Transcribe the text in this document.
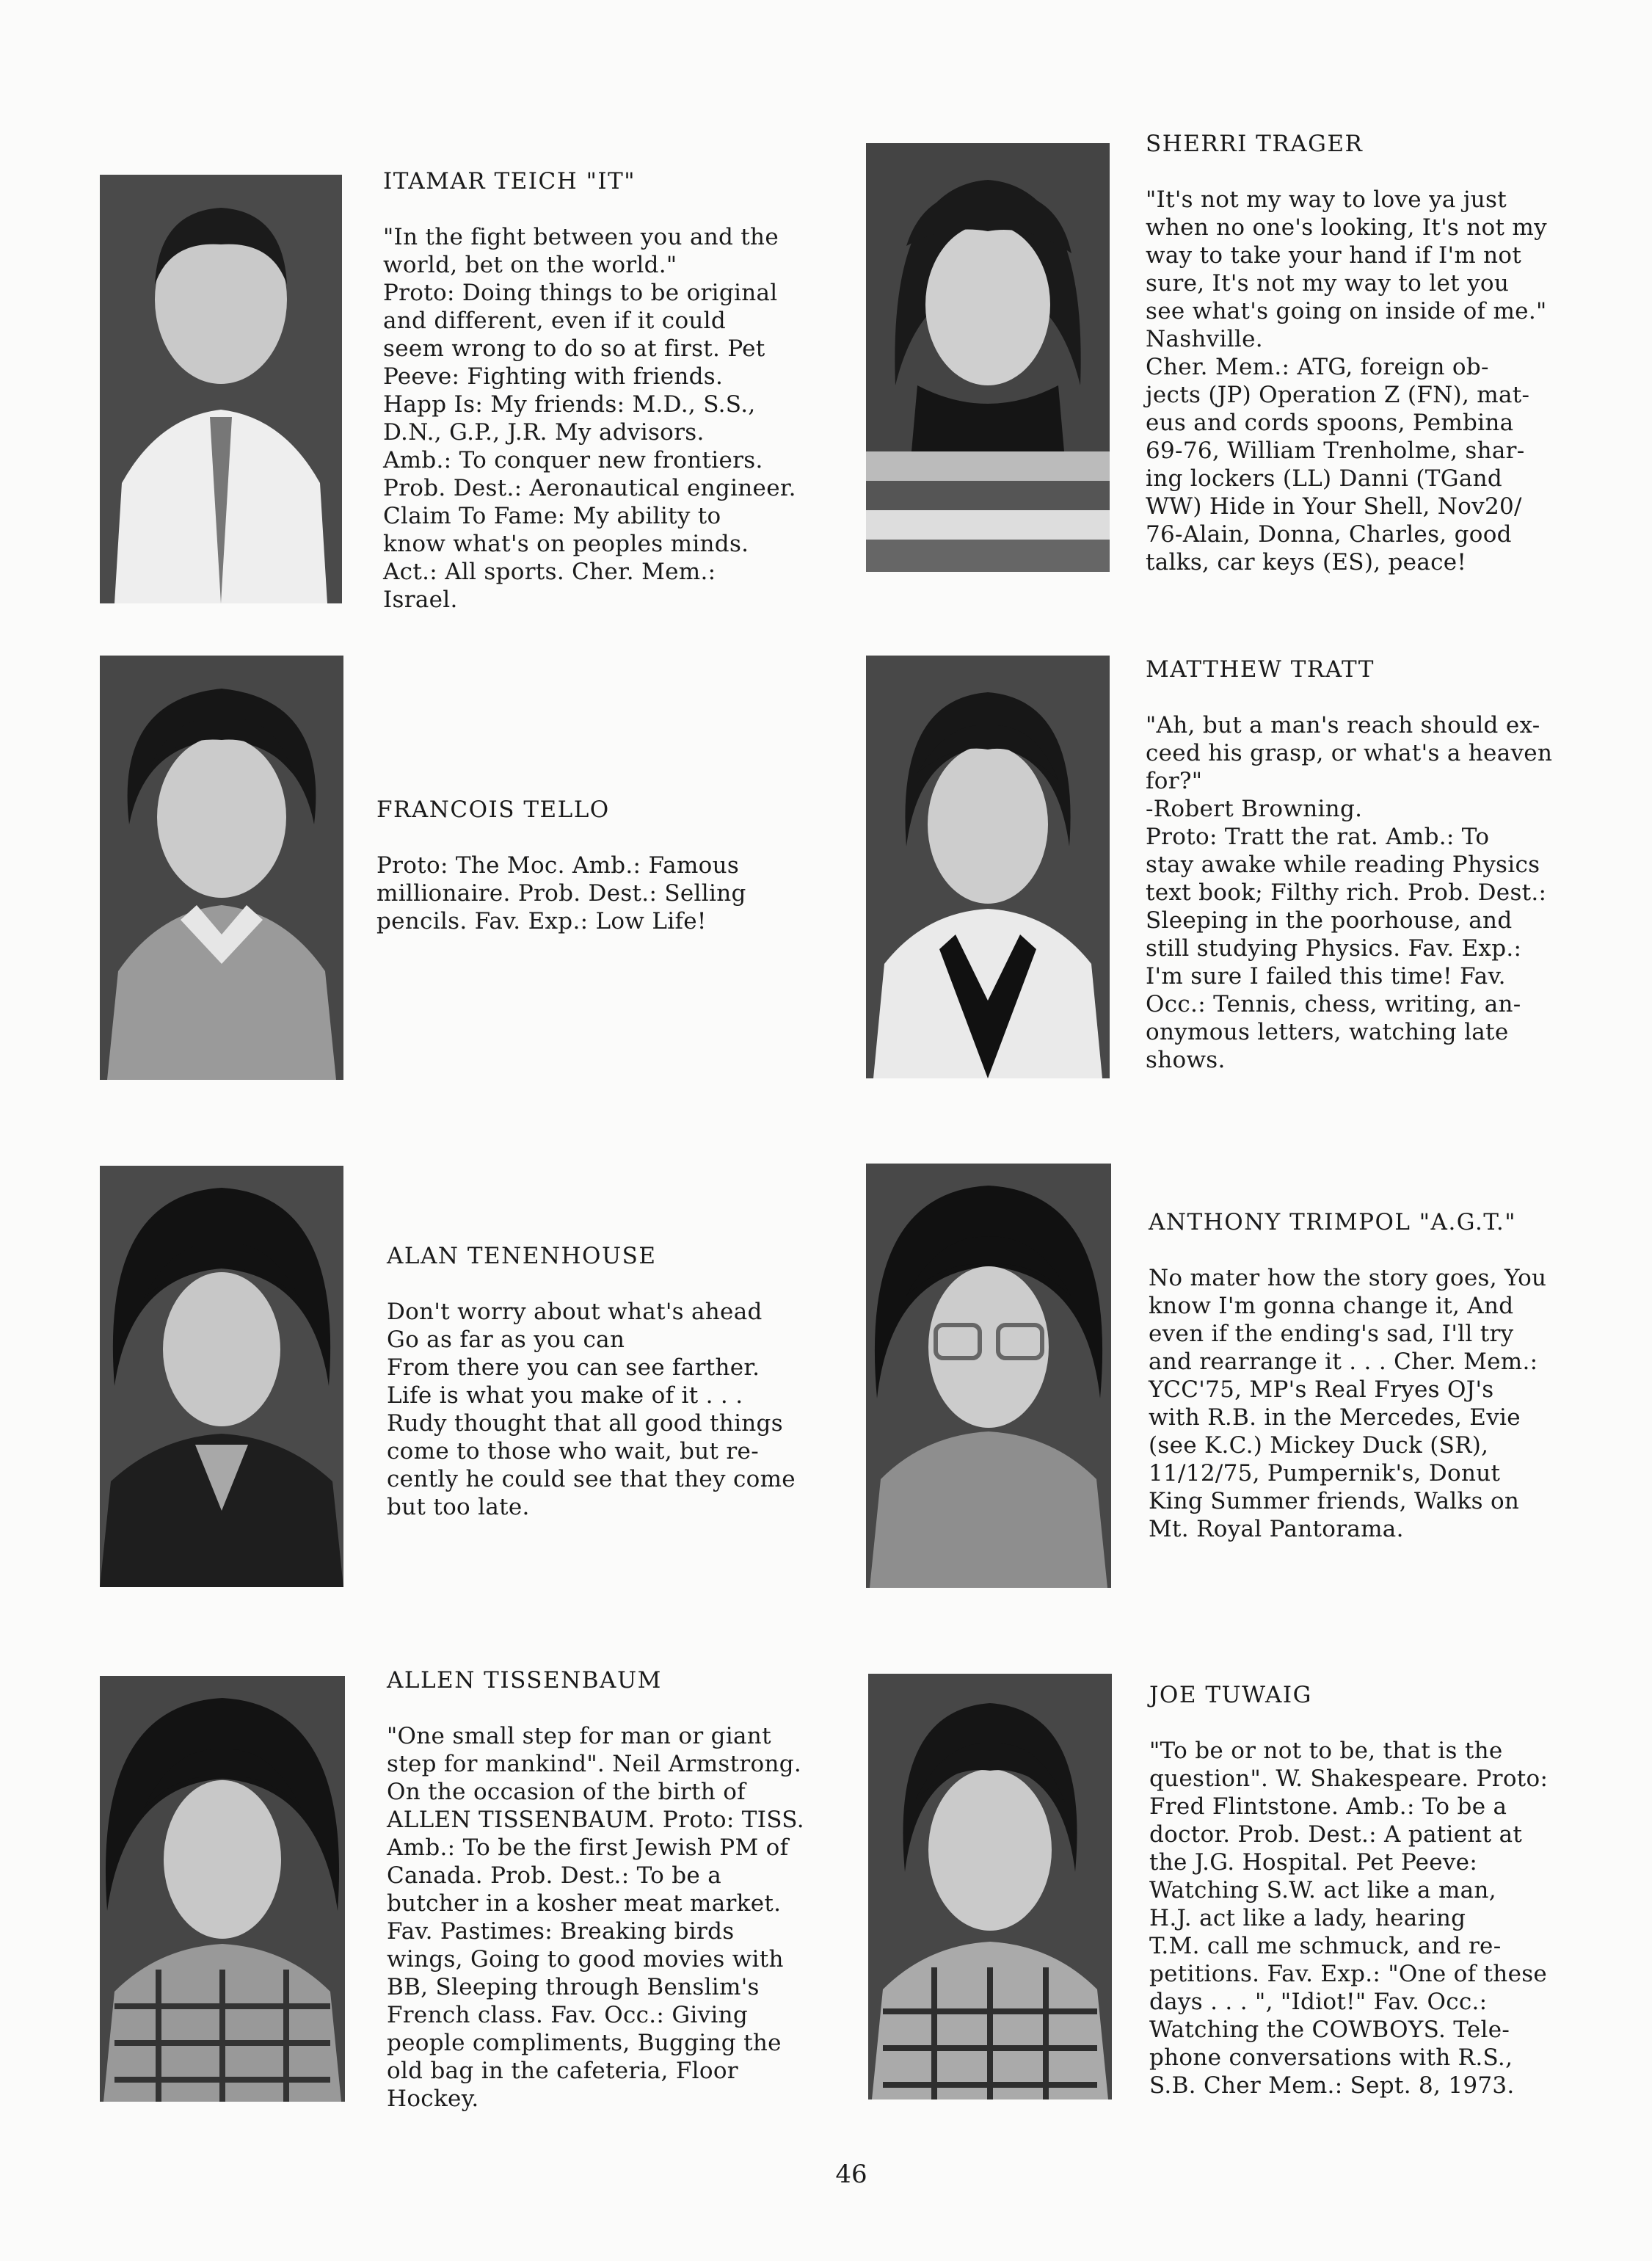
ITAMAR TEICH "IT"
"In the fight between you and the
world, bet on the world."
Proto: Doing things to be original
and different, even if it could
seem wrong to do so at first. Pet
Peeve: Fighting with friends.
Happ Is: My friends: M.D., S.S.,
D.N., G.P., J.R. My advisors.
Amb.: To conquer new frontiers.
Prob. Dest.: Aeronautical engineer.
Claim To Fame: My ability to
know what's on peoples minds.
Act.: All sports. Cher. Mem.:
Israel.
SHERRI TRAGER
"It's not my way to love ya just
when no one's looking, It's not my
way to take your hand if I'm not
sure, It's not my way to let you
see what's going on inside of me."
Nashville.
Cher. Mem.: ATG, foreign ob-
jects (JP) Operation Z (FN), mat-
eus and cords spoons, Pembina
69-76, William Trenholme, shar-
ing lockers (LL) Danni (TGand
WW) Hide in Your Shell, Nov20/
76-Alain, Donna, Charles, good
talks, car keys (ES), peace!
FRANCOIS TELLO
Proto: The Moc. Amb.: Famous
millionaire. Prob. Dest.: Selling
pencils. Fav. Exp.: Low Life!
MATTHEW TRATT
"Ah, but a man's reach should ex-
ceed his grasp, or what's a heaven
for?"
-Robert Browning.
Proto: Tratt the rat. Amb.: To
stay awake while reading Physics
text book; Filthy rich. Prob. Dest.:
Sleeping in the poorhouse, and
still studying Physics. Fav. Exp.:
I'm sure I failed this time! Fav.
Occ.: Tennis, chess, writing, an-
onymous letters, watching late
shows.
ALAN TENENHOUSE
Don't worry about what's ahead
Go as far as you can
From there you can see farther.
Life is what you make of it . . .
Rudy thought that all good things
come to those who wait, but re-
cently he could see that they come
but too late.
ANTHONY TRIMPOL "A.G.T."
No mater how the story goes, You
know I'm gonna change it, And
even if the ending's sad, I'll try
and rearrange it . . . Cher. Mem.:
YCC'75, MP's Real Fryes OJ's
with R.B. in the Mercedes, Evie
(see K.C.) Mickey Duck (SR),
11/12/75, Pumpernik's, Donut
King Summer friends, Walks on
Mt. Royal Pantorama.
ALLEN TISSENBAUM
"One small step for man or giant
step for mankind". Neil Armstrong.
On the occasion of the birth of
ALLEN TISSENBAUM. Proto: TISS.
Amb.: To be the first Jewish PM of
Canada. Prob. Dest.: To be a
butcher in a kosher meat market.
Fav. Pastimes: Breaking birds
wings, Going to good movies with
BB, Sleeping through Benslim's
French class. Fav. Occ.: Giving
people compliments, Bugging the
old bag in the cafeteria, Floor
Hockey.
JOE TUWAIG
"To be or not to be, that is the
question". W. Shakespeare. Proto:
Fred Flintstone. Amb.: To be a
doctor. Prob. Dest.: A patient at
the J.G. Hospital. Pet Peeve:
Watching S.W. act like a man,
H.J. act like a lady, hearing
T.M. call me schmuck, and re-
petitions. Fav. Exp.: "One of these
days . . . ", "Idiot!" Fav. Occ.:
Watching the COWBOYS. Tele-
phone conversations with R.S.,
S.B. Cher Mem.: Sept. 8, 1973.
46
